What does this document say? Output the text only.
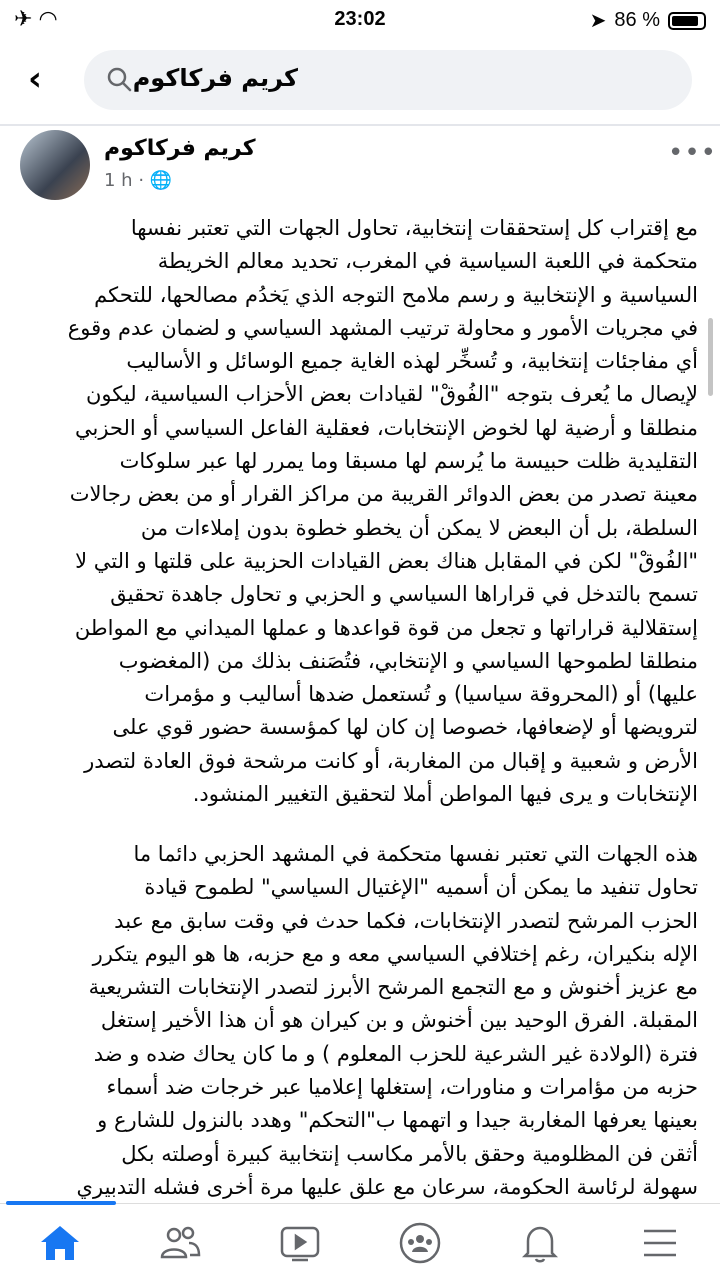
✈ ◠	23:02	➤ 86 %
‹	كريم فركاكوم
كريم فركاكوم
1 h · 🌐
•••
مع إقتراب كل إستحققات إنتخابية، تحاول الجهات التي تعتبر نفسها
متحكمة في اللعبة السياسية في المغرب، تحديد معالم الخريطة
السياسية و الإنتخابية و رسم ملامح التوجه الذي يَخدُم مصالحها، للتحكم
في مجريات الأمور و محاولة ترتيب المشهد السياسي و لضمان عدم وقوع
أي مفاجئات إنتخابية، و تُسخِّر لهذه الغاية جميع الوسائل و الأساليب
لإيصال ما يُعرف بتوجه "الفُوقْ" لقيادات بعض الأحزاب السياسية، ليكون
منطلقا و أرضية لها لخوض الإنتخابات، فعقلية الفاعل السياسي أو الحزبي
التقليدية ظلت حبيسة ما يُرسم لها مسبقا وما يمرر لها عبر سلوكات
معينة تصدر من بعض الدوائر القريبة من مراكز القرار أو من بعض رجالات
السلطة، بل أن البعض لا يمكن أن يخطو خطوة بدون إملاءات من
"الفُوقْ" لكن في المقابل هناك بعض القيادات الحزبية على قلتها و التي لا
تسمح بالتدخل في قراراها السياسي و الحزبي و تحاول جاهدة تحقيق
إستقلالية قراراتها و تجعل من قوة قواعدها و عملها الميداني مع المواطن
منطلقا لطموحها السياسي و الإنتخابي، فتُصَنف بذلك من (المغضوب
عليها) أو (المحروقة سياسيا) و تُستعمل ضدها أساليب و مؤمرات
لترويضها أو لإضعافها، خصوصا إن كان لها كمؤسسة حضور قوي على
الأرض و شعبية و إقبال من المغاربة، أو كانت مرشحة فوق العادة لتصدر
الإنتخابات و يرى فيها المواطن أملا لتحقيق التغيير المنشود.
هذه الجهات التي تعتبر نفسها متحكمة في المشهد الحزبي دائما ما
تحاول تنفيد ما يمكن أن أسميه "الإغتيال السياسي" لطموح قيادة
الحزب المرشح لتصدر الإنتخابات، فكما حدث في وقت سابق مع عبد
الإله بنكيران، رغم إختلافي السياسي معه و مع حزبه، ها هو اليوم يتكرر
مع عزيز أخنوش و مع التجمع المرشح الأبرز لتصدر الإنتخابات التشريعية
المقبلة. الفرق الوحيد بين أخنوش و بن كيران هو أن هذا الأخير إستغل
فترة (الولادة غير الشرعية للحزب المعلوم ) و ما كان يحاك ضده و ضد
حزبه من مؤامرات و مناورات، إستغلها إعلاميا عبر خرجات ضد أسماء
بعينها يعرفها المغاربة جيدا و اتهمها ب"التحكم" وهدد بالنزول للشارع و
أثقن فن المظلومية وحقق بالأمر مكاسب إنتخابية كبيرة أوصلته بكل
سهولة لرئاسة الحكومة، سرعان مع علق عليها مرة أخرى فشله التدبيري
